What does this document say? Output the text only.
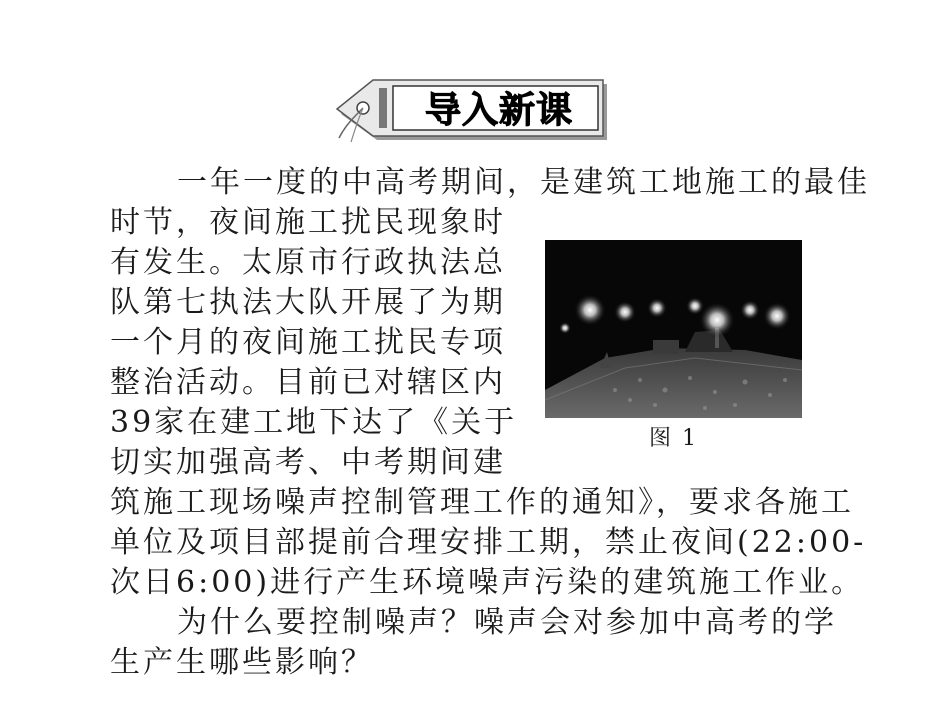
导入新课
一年一度的中高考期间，是建筑工地施工的最佳
时节，夜间施工扰民现象时
有发生。太原市行政执法总
队第七执法大队开展了为期
一个月的夜间施工扰民专项
整治活动。目前已对辖区内
39家在建工地下达了《关于
切实加强高考、中考期间建
筑施工现场噪声控制管理工作的通知》，要求各施工
单位及项目部提前合理安排工期，禁止夜间(22:00-
次日6:00)进行产生环境噪声污染的建筑施工作业。
为什么要控制噪声？噪声会对参加中高考的学
生产生哪些影响？
图 1
